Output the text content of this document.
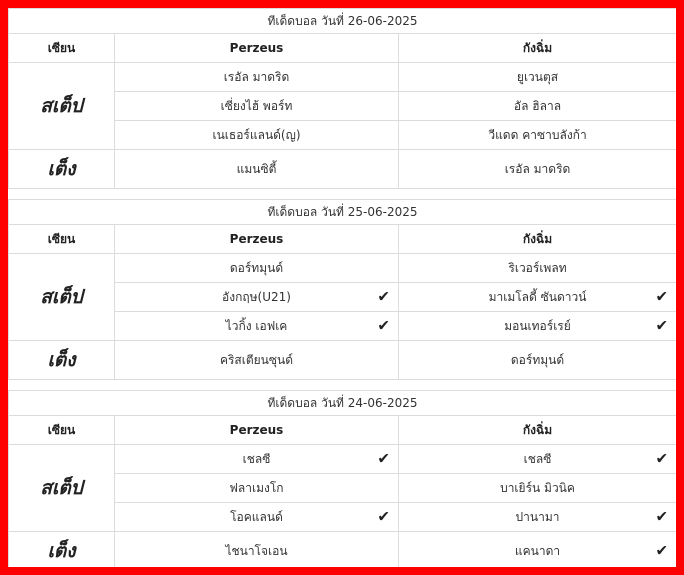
ทีเด็ดบอล วันที่ 26-06-2025		
เซียน	Perzeus	กังฉิ่ม
สเต็ป	เรอัล มาดริด	ยูเวนตุส
	เซี่ยงไฮ้ พอร์ท	อัล ฮิลาล
	เนเธอร์แลนด์(ญ)	วีแดด คาซาบลังก้า
เต็ง	แมนซิตี้	เรอัล มาดริด

ทีเด็ดบอล วันที่ 25-06-2025		
เซียน	Perzeus	กังฉิ่ม
สเต็ป	ดอร์ทมุนด์	ริเวอร์เพลท
	อังกฤษ(U21) ✔	มาเมโลดี้ ซันดาวน์ ✔

	ไวกิ้ง เอฟเค ✔	มอนเทอร์เรย์ ✔

เต็ง	คริสเตียนซุนด์	ดอร์ทมุนด์

ทีเด็ดบอล วันที่ 24-06-2025		
เซียน	Perzeus	กังฉิ่ม
สเต็ป	เชลซี ✔	เชลซี ✔

	ฟลาเมงโก	บาเยิร์น มิวนิค
	โอคแลนด์ ✔	ปานามา ✔

เต็ง	ไชนาโจเอน	แคนาดา ✔
